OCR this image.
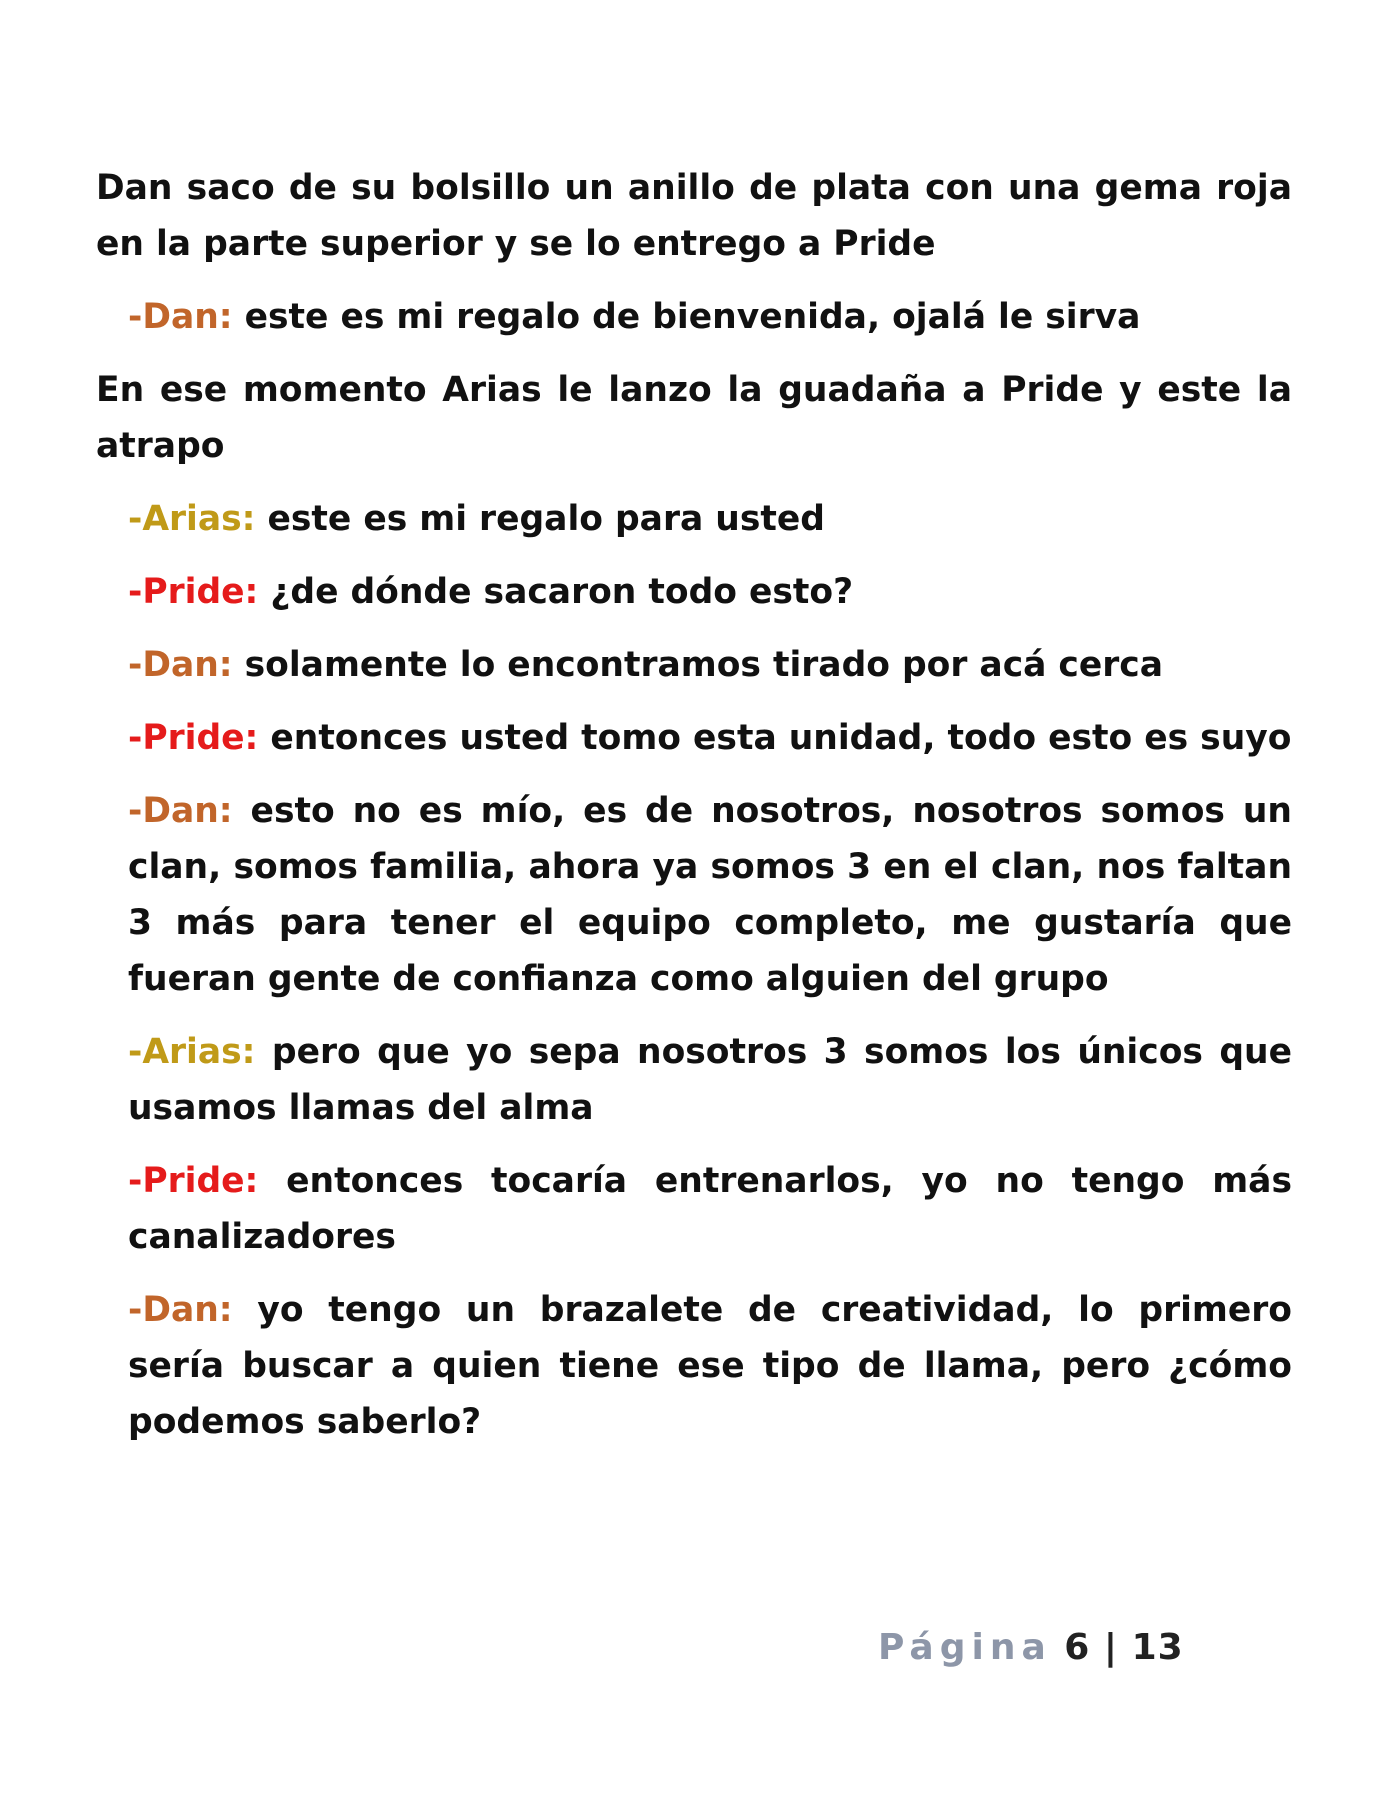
Dan saco de su bolsillo un anillo de plata con una gema roja en la parte superior y se lo entrego a Pride

-Dan: este es mi regalo de bienvenida, ojalá le sirva

En ese momento Arias le lanzo la guadaña a Pride y este la atrapo

-Arias: este es mi regalo para usted

-Pride: ¿de dónde sacaron todo esto?

-Dan: solamente lo encontramos tirado por acá cerca

-Pride: entonces usted tomo esta unidad, todo esto es suyo

-Dan: esto no es mío, es de nosotros, nosotros somos un clan, somos familia, ahora ya somos 3 en el clan, nos faltan 3 más para tener el equipo completo, me gustaría que fueran gente de confianza como alguien del grupo

-Arias: pero que yo sepa nosotros 3 somos los únicos que usamos llamas del alma

-Pride: entonces tocaría entrenarlos, yo no tengo más canalizadores

-Dan: yo tengo un brazalete de creatividad, lo primero sería buscar a quien tiene ese tipo de llama, pero ¿cómo podemos saberlo?

Página 6 | 13
